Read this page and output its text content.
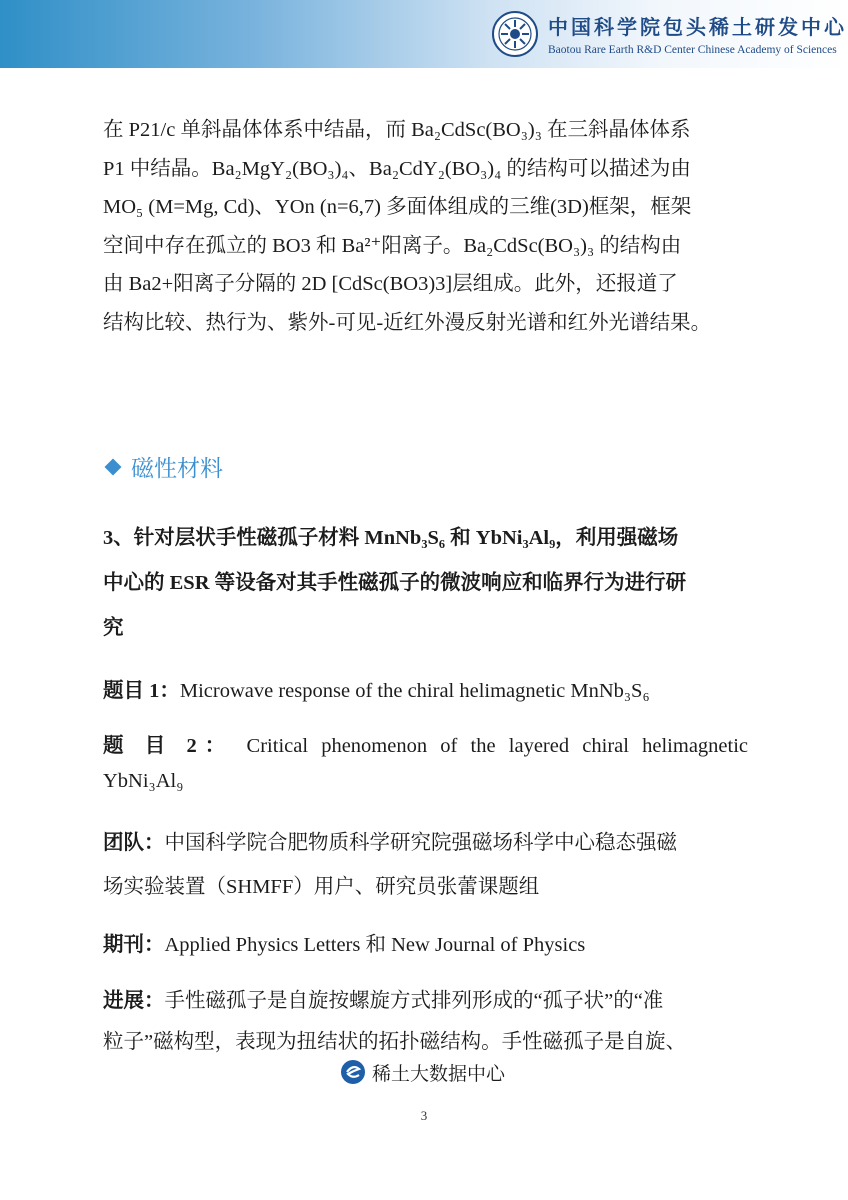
中国科学院包头稀土研发中心
Baotou Rare Earth R&D Center Chinese Academy of Sciences
在 P21/c 单斜晶体体系中结晶，而 Ba₂CdSc(BO₃)₃ 在三斜晶体体系
P1 中结晶。Ba₂MgY₂(BO₃)₄、Ba₂CdY₂(BO₃)₄ 的结构可以描述为由
MO₅ (M=Mg, Cd)、YOn (n=6,7) 多面体组成的三维(3D)框架，框架
空间中存在孤立的 BO3 和 Ba²⁺阳离子。Ba₂CdSc(BO₃)₃ 的结构由
由 Ba2+阳离子分隔的 2D [CdSc(BO3)3]层组成。此外，还报道了
结构比较、热行为、紫外-可见-近红外漫反射光谱和红外光谱结果。
磁性材料
3、针对层状手性磁孤子材料 MnNb₃S₆ 和 YbNi₃Al₉，利用强磁场
中心的 ESR 等设备对其手性磁孤子的微波响应和临界行为进行研
究
题目 1：Microwave response of the chiral helimagnetic MnNb₃S₆
题 目 2： Critical phenomenon of the layered chiral helimagnetic
YbNi₃Al₉
团队：中国科学院合肥物质科学研究院强磁场科学中心稳态强磁
场实验装置（SHMFF）用户、研究员张蕾课题组
期刊：Applied Physics Letters 和 New Journal of Physics
进展：手性磁孤子是自旋按螺旋方式排列形成的“孤子状”的“准
粒子”磁构型，表现为扭结状的拓扑磁结构。手性磁孤子是自旋、
稀土大数据中心
3
